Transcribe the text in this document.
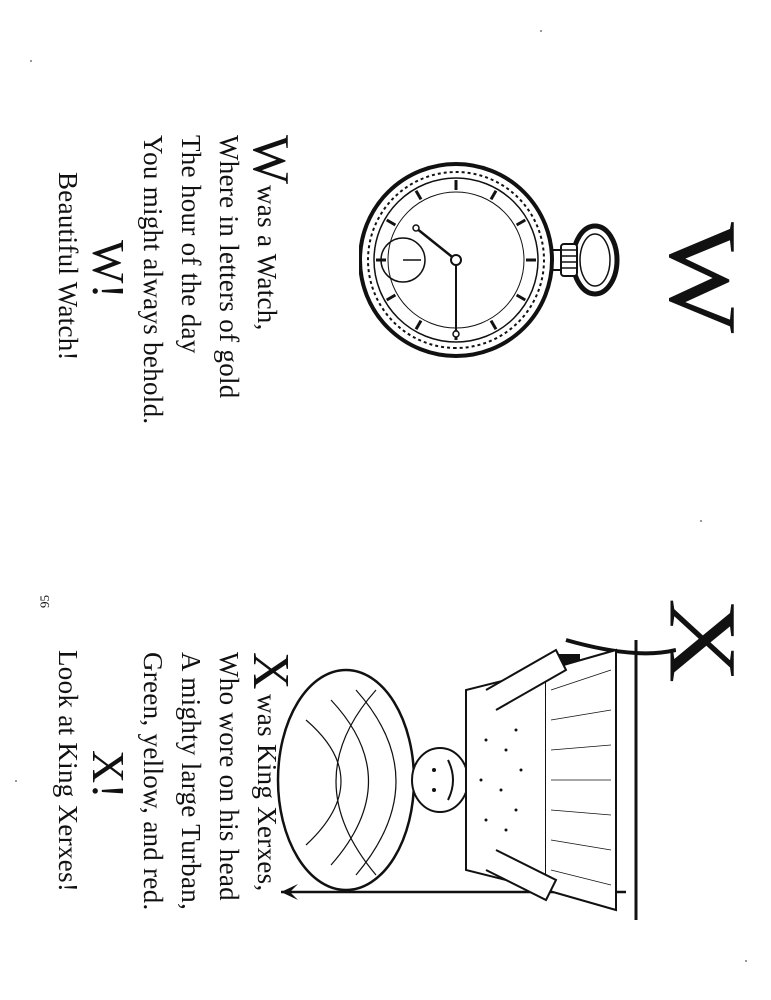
W
W
was a Watch,
Where in letters of gold
The hour of the day
You might always behold.
W!
Beautiful Watch!
X
X
was King Xerxes,
Who wore on his head
A mighty large Turban,
Green, yellow, and red.
X!
Look at King Xerxes!
95
